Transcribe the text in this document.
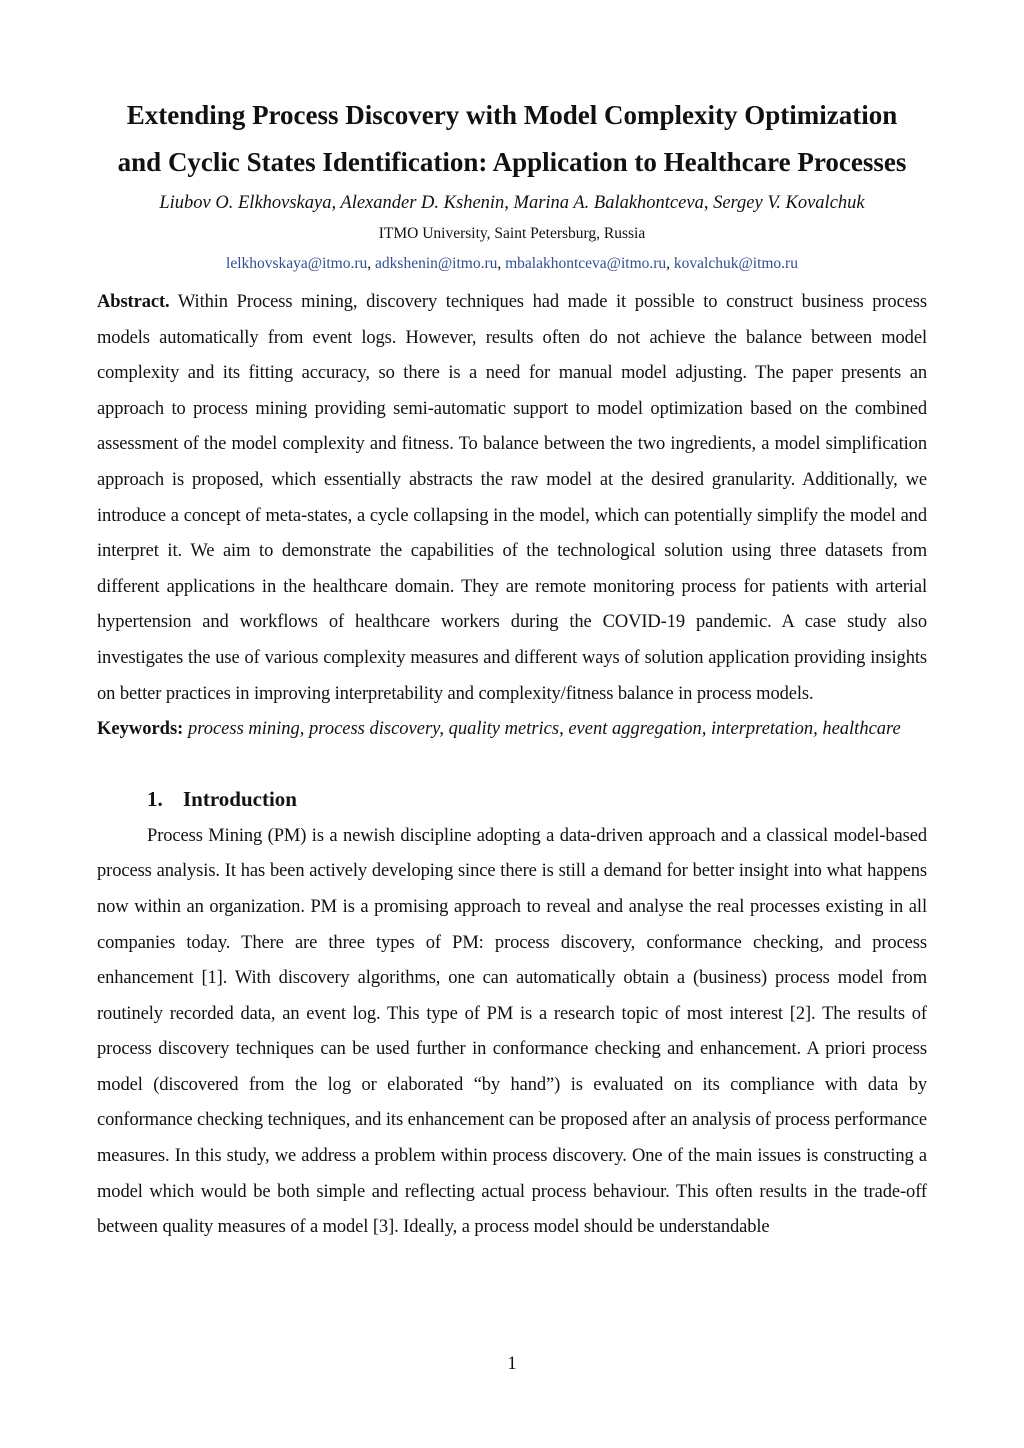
Extending Process Discovery with Model Complexity Optimization
and Cyclic States Identification: Application to Healthcare Processes
Liubov O. Elkhovskaya, Alexander D. Kshenin, Marina A. Balakhontceva, Sergey V. Kovalchuk
ITMO University, Saint Petersburg, Russia
lelkhovskaya@itmo.ru, adkshenin@itmo.ru, mbalakhontceva@itmo.ru, kovalchuk@itmo.ru
Abstract. Within Process mining, discovery techniques had made it possible to construct business process models automatically from event logs. However, results often do not achieve the balance between model complexity and its fitting accuracy, so there is a need for manual model adjusting. The paper presents an approach to process mining providing semi-automatic support to model optimization based on the combined assessment of the model complexity and fitness. To balance between the two ingredients, a model simplification approach is proposed, which essentially abstracts the raw model at the desired granularity. Additionally, we introduce a concept of meta-states, a cycle collapsing in the model, which can potentially simplify the model and interpret it. We aim to demonstrate the capabilities of the technological solution using three datasets from different applications in the healthcare domain. They are remote monitoring process for patients with arterial hypertension and workflows of healthcare workers during the COVID-19 pandemic. A case study also investigates the use of various complexity measures and different ways of solution application providing insights on better practices in improving interpretability and complexity/fitness balance in process models.
Keywords: process mining, process discovery, quality metrics, event aggregation, interpretation, healthcare
1. Introduction
Process Mining (PM) is a newish discipline adopting a data-driven approach and a classical model-based process analysis. It has been actively developing since there is still a demand for better insight into what happens now within an organization. PM is a promising approach to reveal and analyse the real processes existing in all companies today. There are three types of PM: process discovery, conformance checking, and process enhancement [1]. With discovery algorithms, one can automatically obtain a (business) process model from routinely recorded data, an event log. This type of PM is a research topic of most interest [2]. The results of process discovery techniques can be used further in conformance checking and enhancement. A priori process model (discovered from the log or elaborated “by hand”) is evaluated on its compliance with data by conformance checking techniques, and its enhancement can be proposed after an analysis of process performance measures. In this study, we address a problem within process discovery. One of the main issues is constructing a model which would be both simple and reflecting actual process behaviour. This often results in the trade-off between quality measures of a model [3]. Ideally, a process model should be understandable
1
